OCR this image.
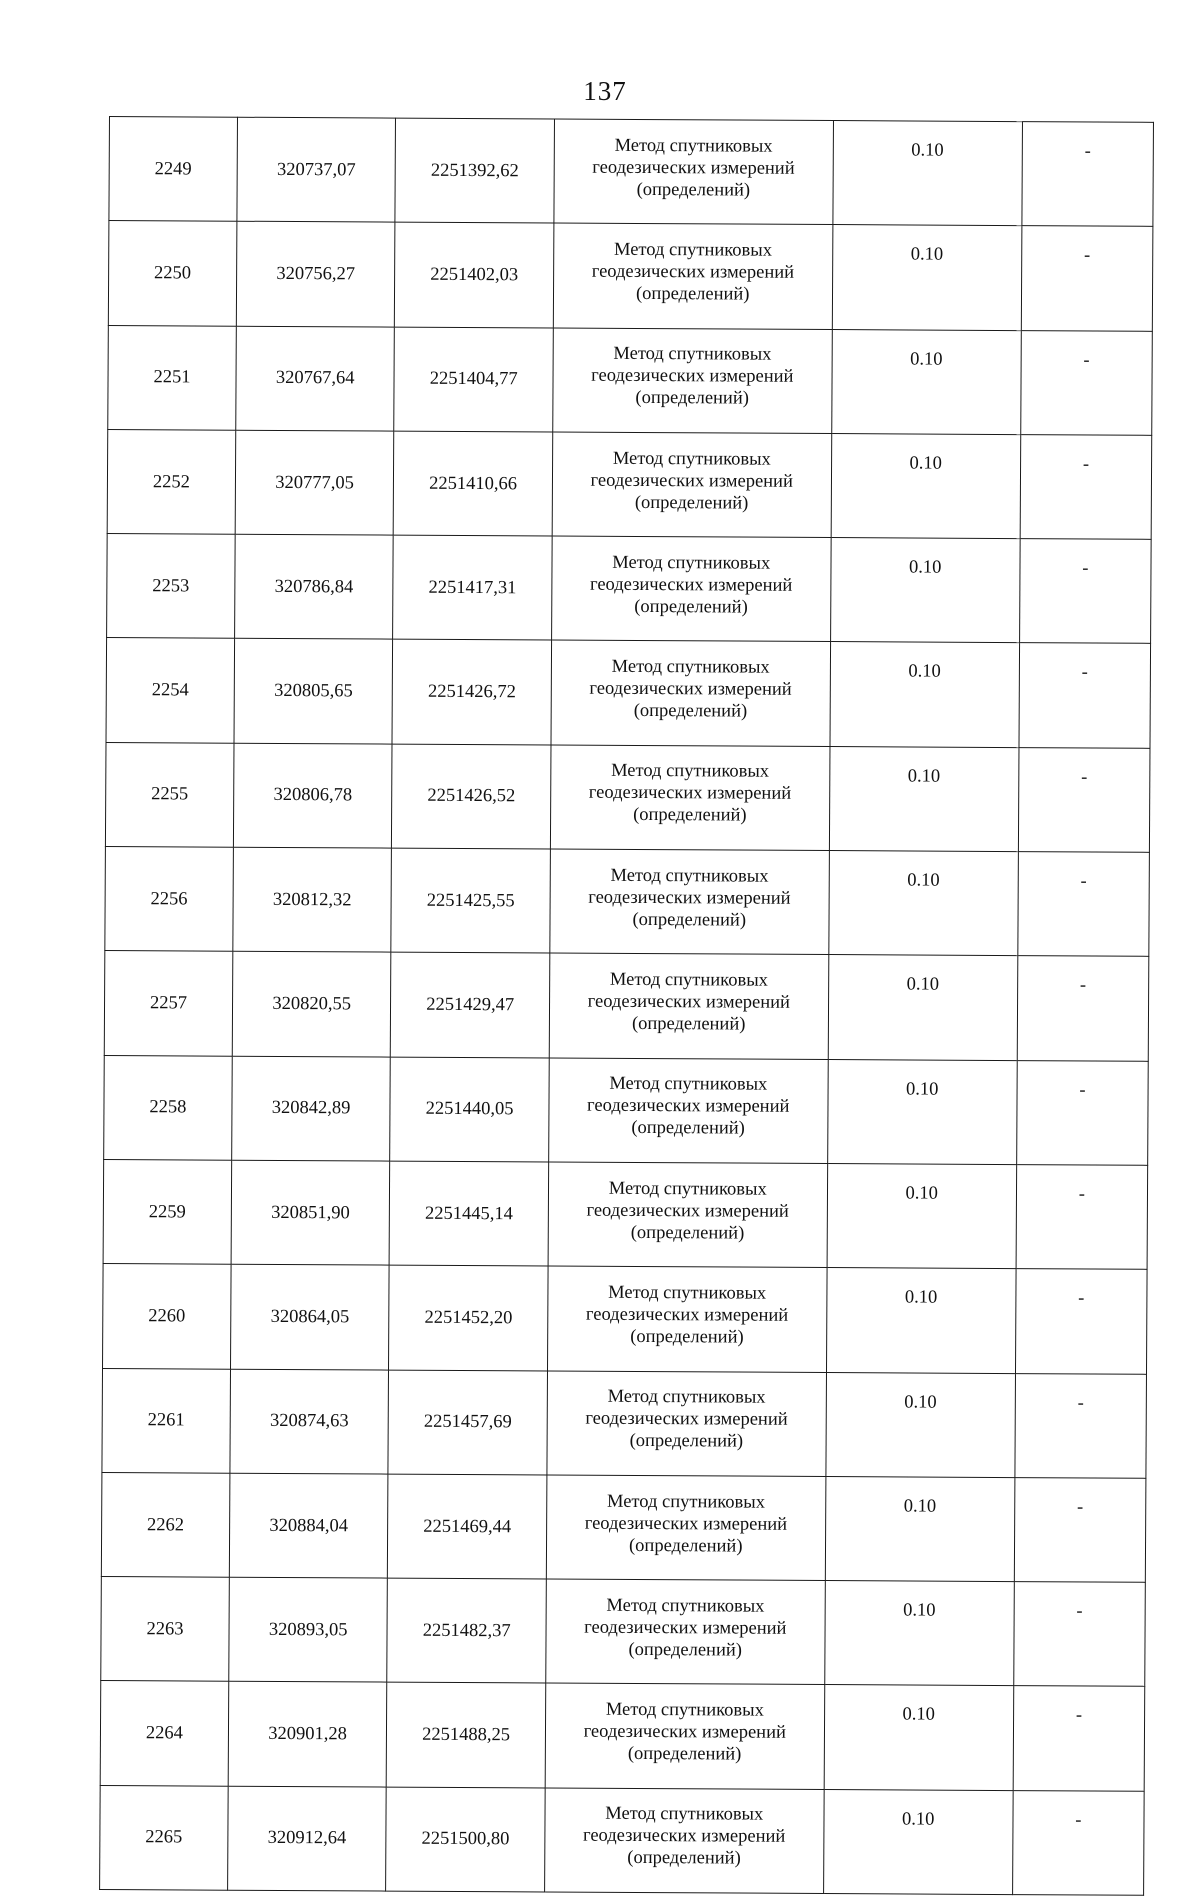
137
2249	320737,07	2251392,62	Метод спутниковых
геодезических измерений
(определений)	0.10	-
2250	320756,27	2251402,03	Метод спутниковых
геодезических измерений
(определений)	0.10	-
2251	320767,64	2251404,77	Метод спутниковых
геодезических измерений
(определений)	0.10	-
2252	320777,05	2251410,66	Метод спутниковых
геодезических измерений
(определений)	0.10	-
2253	320786,84	2251417,31	Метод спутниковых
геодезических измерений
(определений)	0.10	-
2254	320805,65	2251426,72	Метод спутниковых
геодезических измерений
(определений)	0.10	-
2255	320806,78	2251426,52	Метод спутниковых
геодезических измерений
(определений)	0.10	-
2256	320812,32	2251425,55	Метод спутниковых
геодезических измерений
(определений)	0.10	-
2257	320820,55	2251429,47	Метод спутниковых
геодезических измерений
(определений)	0.10	-
2258	320842,89	2251440,05	Метод спутниковых
геодезических измерений
(определений)	0.10	-
2259	320851,90	2251445,14	Метод спутниковых
геодезических измерений
(определений)	0.10	-
2260	320864,05	2251452,20	Метод спутниковых
геодезических измерений
(определений)	0.10	-
2261	320874,63	2251457,69	Метод спутниковых
геодезических измерений
(определений)	0.10	-
2262	320884,04	2251469,44	Метод спутниковых
геодезических измерений
(определений)	0.10	-
2263	320893,05	2251482,37	Метод спутниковых
геодезических измерений
(определений)	0.10	-
2264	320901,28	2251488,25	Метод спутниковых
геодезических измерений
(определений)	0.10	-
2265	320912,64	2251500,80	Метод спутниковых
геодезических измерений
(определений)	0.10	-
